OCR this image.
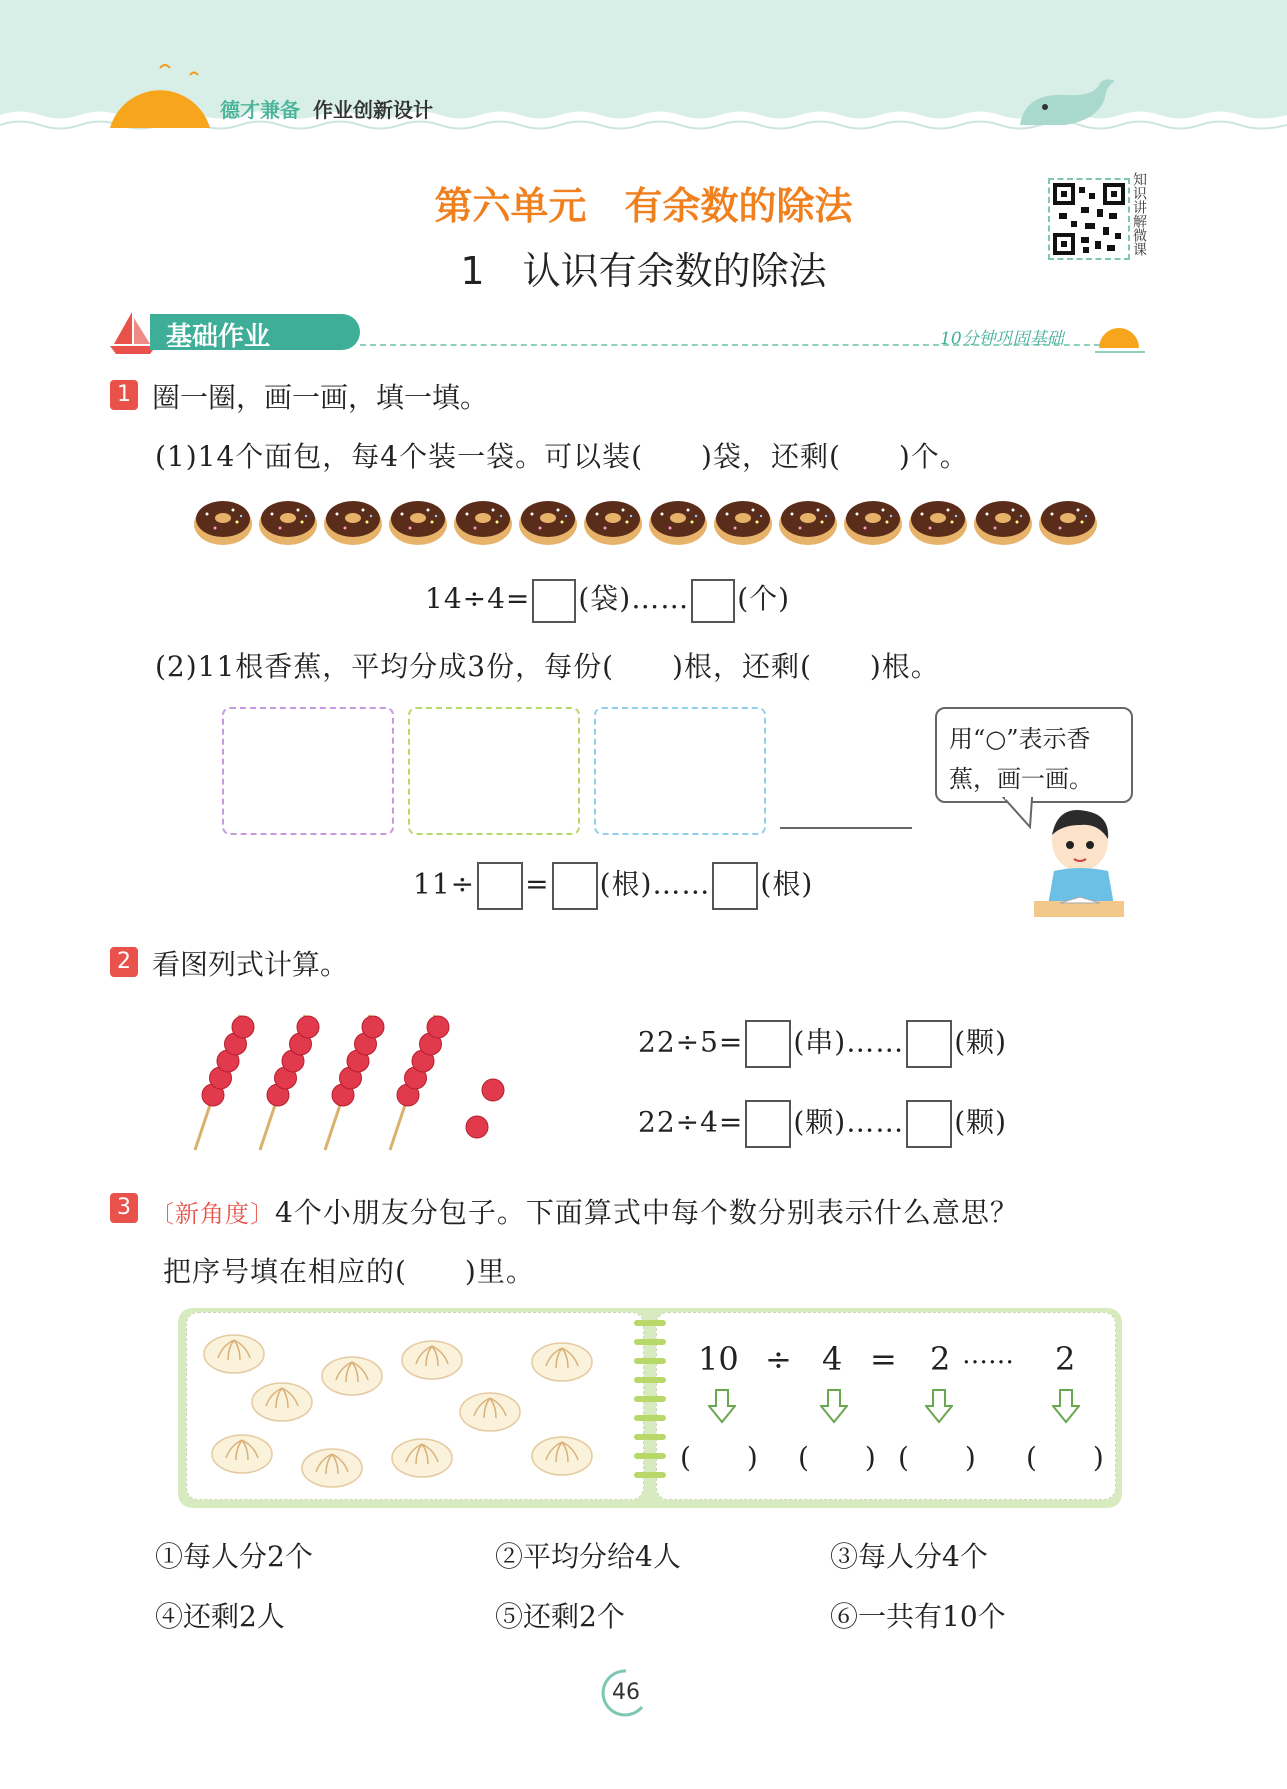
德才兼备 作业创新设计
第六单元　有余数的除法
1　认识有余数的除法
知识讲解微课
基础作业	10分钟巩固基础
1 圈一圈，画一画，填一填。
(1)14个面包，每4个装一袋。可以装(　　)袋，还剩(　　)个。
14÷4= (袋)…… (个)
(2)11根香蕉，平均分成3份，每份(　　)根，还剩(　　)根。
用“○”表示香
蕉，画一画。
11÷ = (根)…… (根)
2 看图列式计算。
22÷5= (串)…… (颗)
22÷4= (颗)…… (颗)
3 〔新角度〕4个小朋友分包子。下面算式中每个数分别表示什么意思？
把序号填在相应的(　　)里。
10 ÷ 4 = 2 …… 2
(　　) (　　) (　　) (　　)
①每人分2个	②平均分给4人	③每人分4个
④还剩2人	⑤还剩2个	⑥一共有10个
46
